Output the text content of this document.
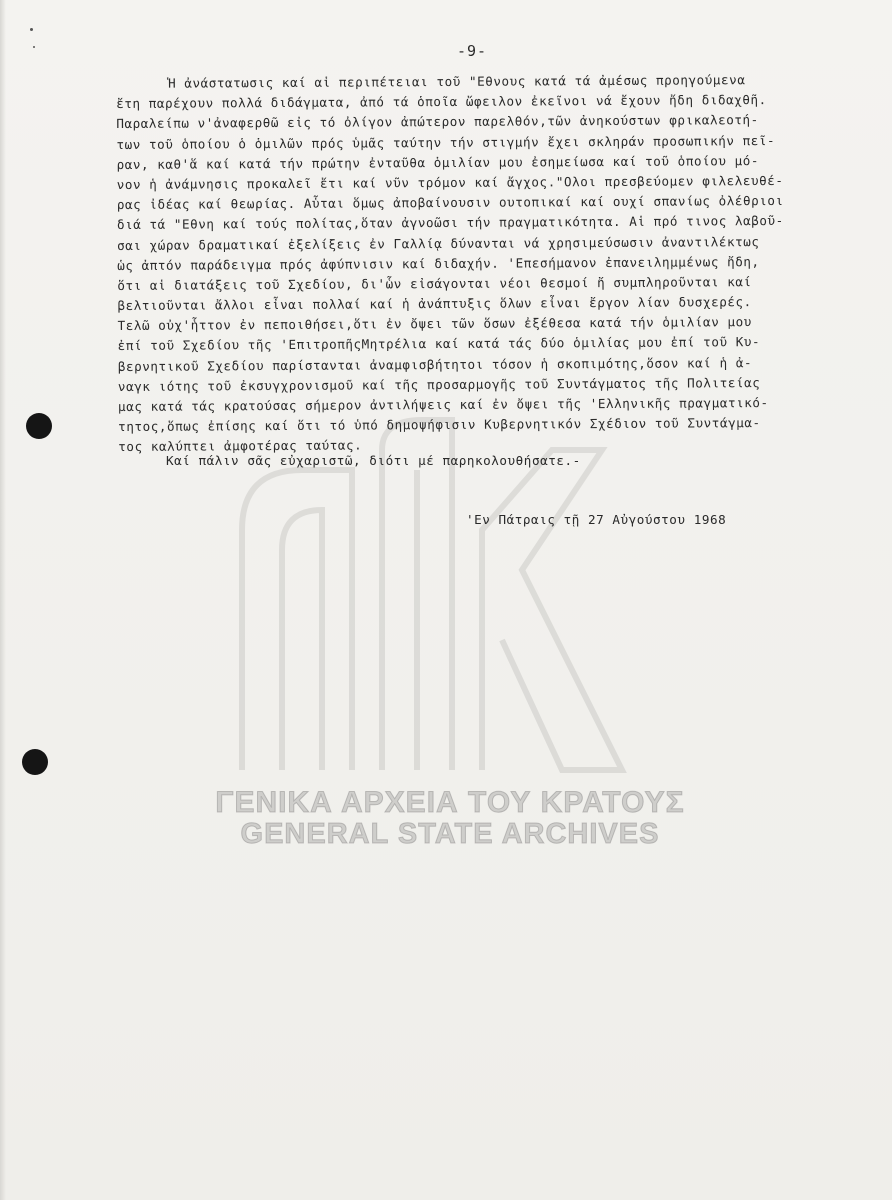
ΓΕΝΙΚΑ ΑΡΧΕΙΑ ΤΟΥ ΚΡΑΤΟΥΣ
GENERAL STATE ARCHIVES
-9-
Ἡ ἀνάστατωσις καί αἱ περιπέτειαι τοῦ "Εθνους κατά τά ἀμέσως προηγούμενα
ἔτη παρέχουν πολλά διδάγματα, ἀπό τά ὁποῖα ὤφειλον ἐκεῖνοι νά ἔχουν ἤδη διδαχθῆ.
Παραλείπω ν'ἀναφερθῶ εἰς τό ὀλίγον ἀπώτερον παρελθόν,τῶν ἀνηκούστων φρικαλεοτή-
των τοῦ ὁποίου ὁ ὁμιλῶν πρός ὑμᾶς ταύτην τήν στιγμήν ἔχει σκληράν προσωπικήν πεῖ-
ραν, καθ'ἅ καί κατά τήν πρώτην ἐνταῦθα ὁμιλίαν μου ἐσημείωσα καί τοῦ ὁποίου μό-
νον ἡ ἀνάμνησις προκαλεῖ ἔτι καί νῦν τρόμον καί ἄγχος."Ολοι πρεσβεύομεν φιλελευθέ-
ρας ἰδέας καί θεωρίας. Αὗται ὅμως ἀποβαίνουσιν ουτοπικαί καί ουχί σπανίως ὀλέθριοι
διά τά "Εθνη καί τούς πολίτας,ὅταν ἀγνοῶσι τήν πραγματικότητα. Αἱ πρό τινος λαβοῦ-
σαι χώραν δραματικαί ἐξελίξεις ἐν Γαλλίᾳ δύνανται νά χρησιμεύσωσιν ἀναντιλέκτως
ὡς ἀπτόν παράδειγμα πρός ἀφύπνισιν καί διδαχήν. 'Επεσήμανον ἐπανειλημμένως ἤδη,
ὅτι αἱ διατάξεις τοῦ Σχεδίου, δι'ὧν εἰσάγονται νέοι θεσμοί ἤ συμπληροῦνται καί
βελτιοῦνται ἄλλοι εἶναι πολλαί καί ἡ ἀνάπτυξις ὅλων εἶναι ἔργον λίαν δυσχερές.
Τελῶ οὐχ'ἧττον ἐν πεποιθήσει,ὅτι ἐν ὄψει τῶν ὅσων ἐξέθεσα κατά τήν ὁμιλίαν μου
ἐπί τοῦ Σχεδίου τῆς 'ΕπιτροπῆςΜητρέλια καί κατά τάς δύο ὁμιλίας μου ἐπί τοῦ Κυ-
βερνητικοῦ Σχεδίου παρίστανται ἀναμφισβήτητοι τόσον ἡ σκοπιμότης,ὅσον καί ἡ ἀ-
ναγκ ιότης τοῦ ἐκσυγχρονισμοῦ καί τῆς προσαρμογῆς τοῦ Συντάγματος τῆς Πολιτείας
μας κατά τάς κρατούσας σήμερον ἀντιλήψεις καί ἐν ὄψει τῆς 'Ελληνικῆς πραγματικό-
τητος,ὅπως ἐπίσης καί ὅτι τό ὑπό δημοψήφισιν Κυβερνητικόν Σχέδιον τοῦ Συντάγμα-
τος καλύπτει ἀμφοτέρας ταύτας.
Καί πάλιν σᾶς εὐχαριστῶ, διότι μέ παρηκολουθήσατε.-
'Εν Πάτραις τῇ 27 Αὐγούστου 1968
